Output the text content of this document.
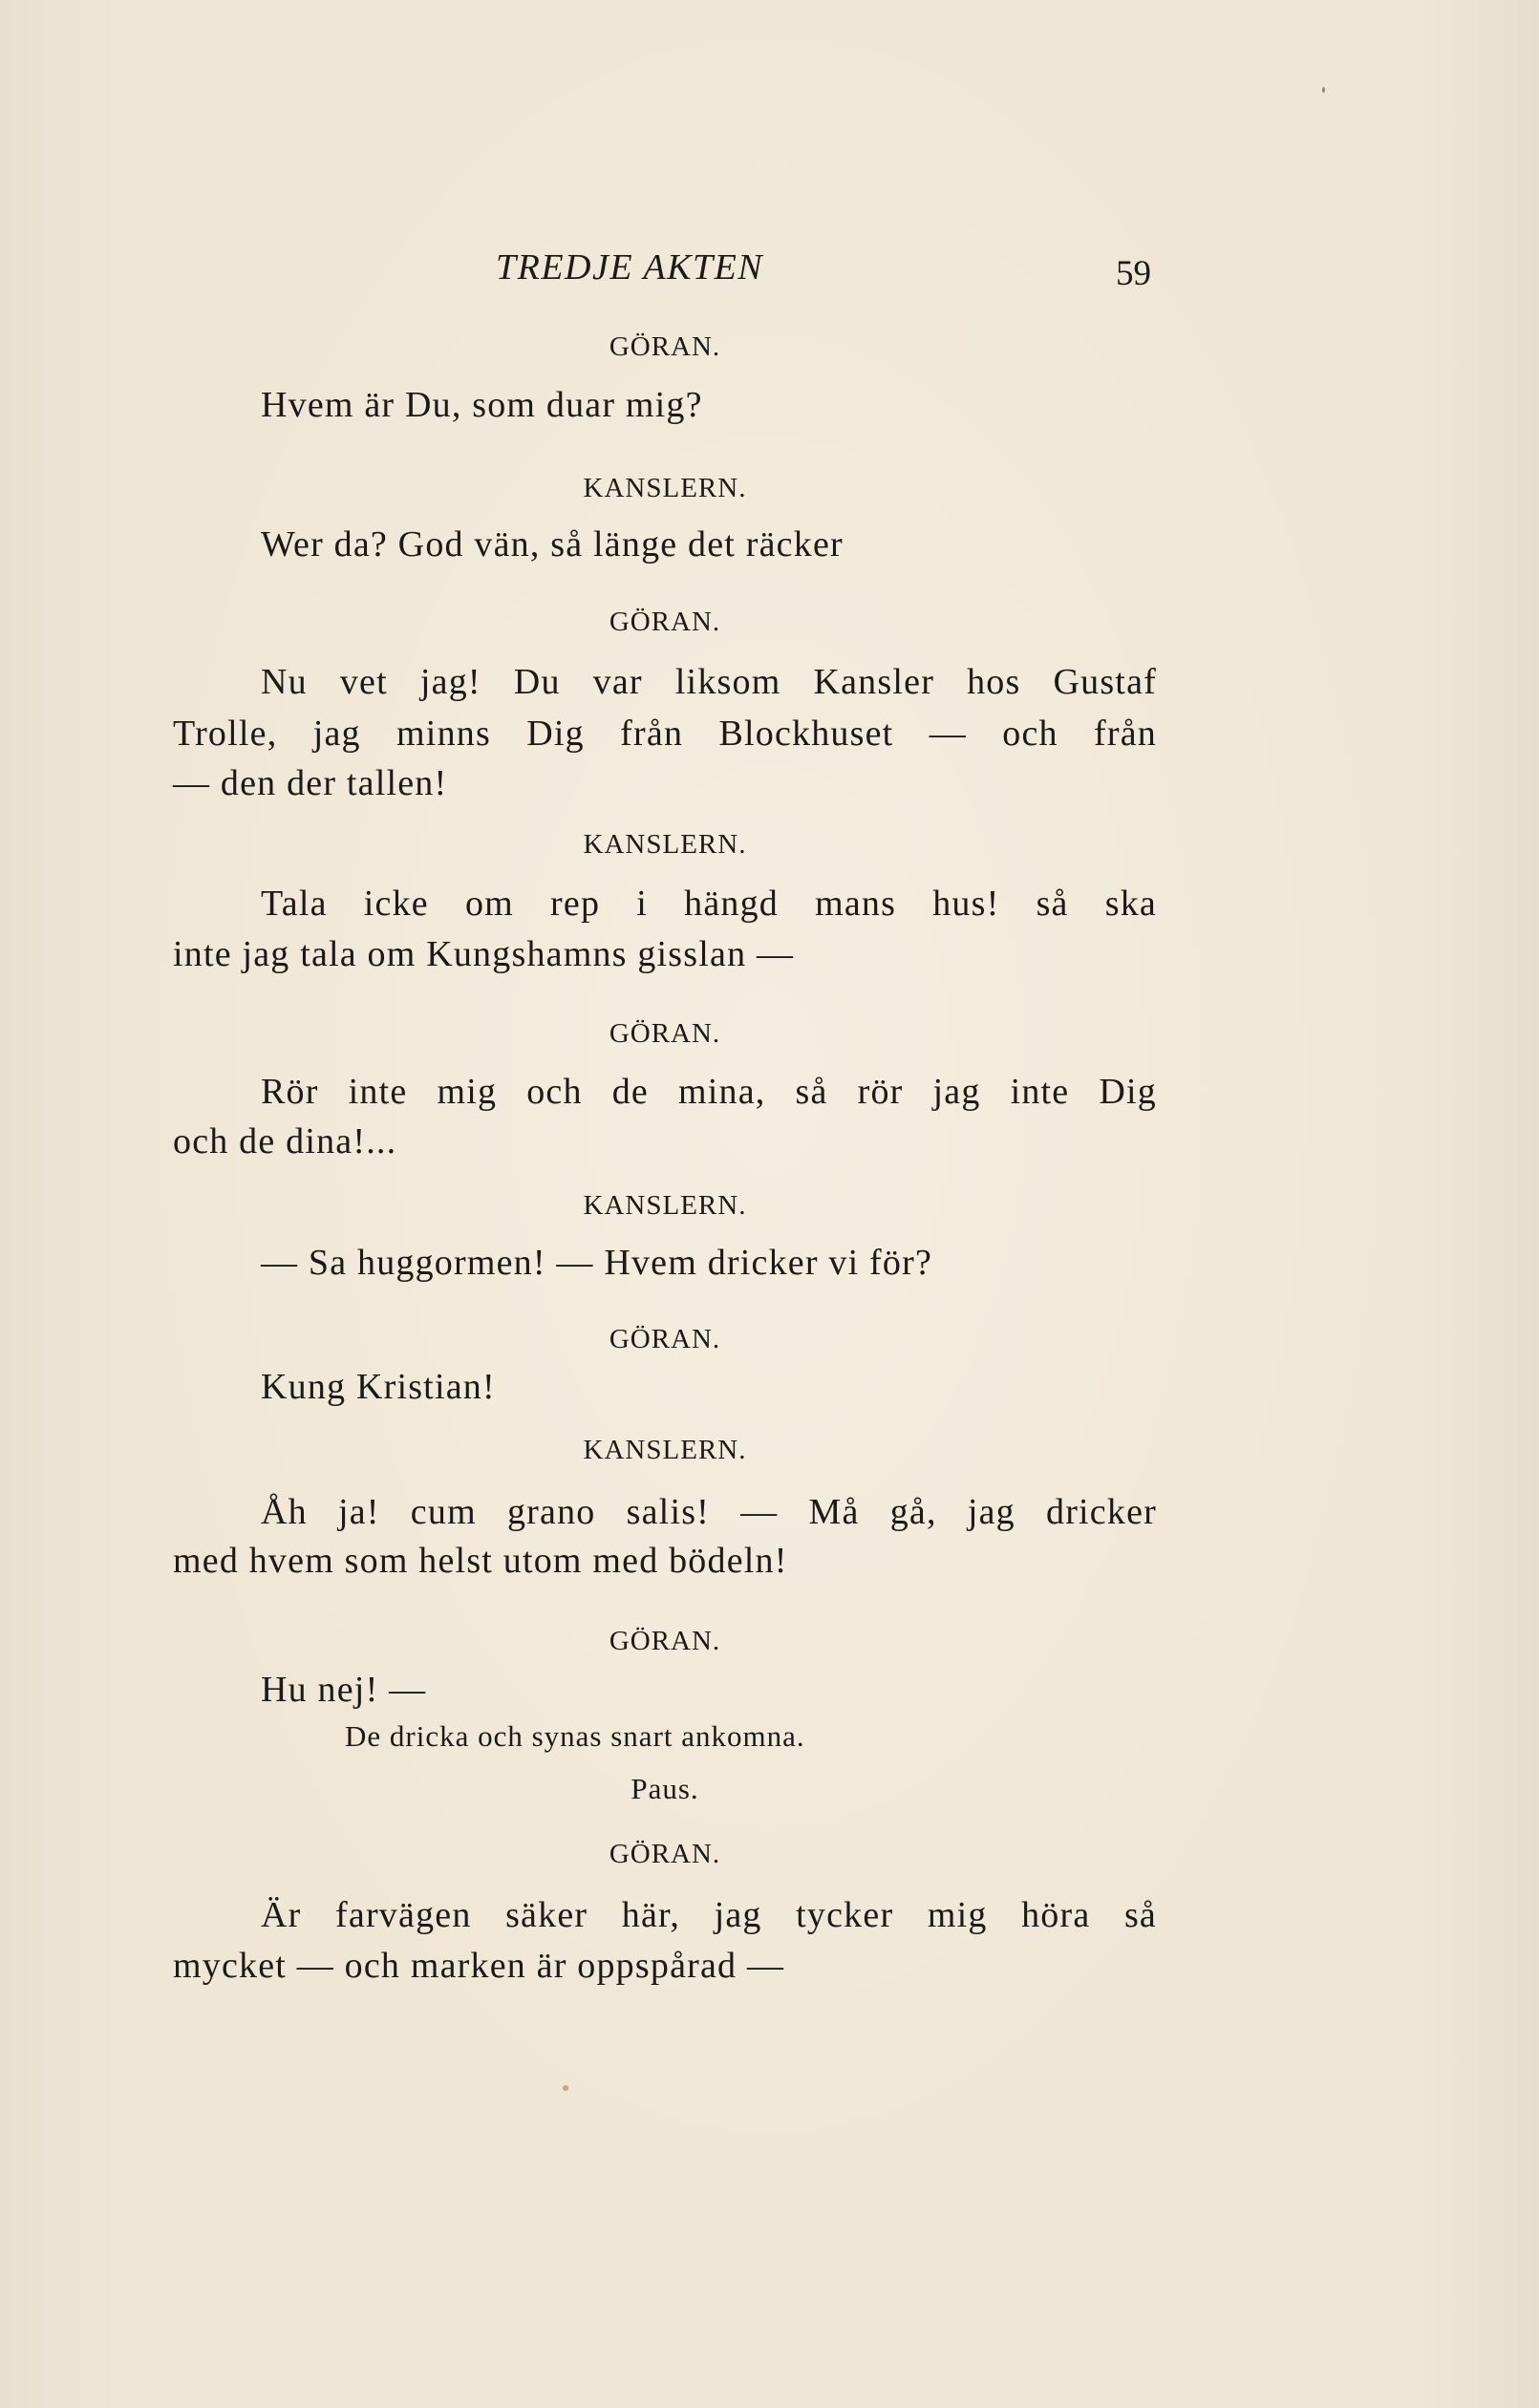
TREDJE AKTEN	59
GÖRAN.
Hvem är Du, som duar mig?
KANSLERN.
Wer da? God vän, så länge det räcker
GÖRAN.
Nu vet jag! Du var liksom Kansler hos Gustaf
Trolle, jag minns Dig från Blockhuset — och från
— den der tallen!
KANSLERN.
Tala icke om rep i hängd mans hus! så ska
inte jag tala om Kungshamns gisslan —
GÖRAN.
Rör inte mig och de mina, så rör jag inte Dig
och de dina!...
KANSLERN.
— Sa huggormen! — Hvem dricker vi för?
GÖRAN.
Kung Kristian!
KANSLERN.
Åh ja! cum grano salis! — Må gå, jag dricker
med hvem som helst utom med bödeln!
GÖRAN.
Hu nej! —
De dricka och synas snart ankomna.
Paus.
GÖRAN.
Är farvägen säker här, jag tycker mig höra så
mycket — och marken är oppspårad —
